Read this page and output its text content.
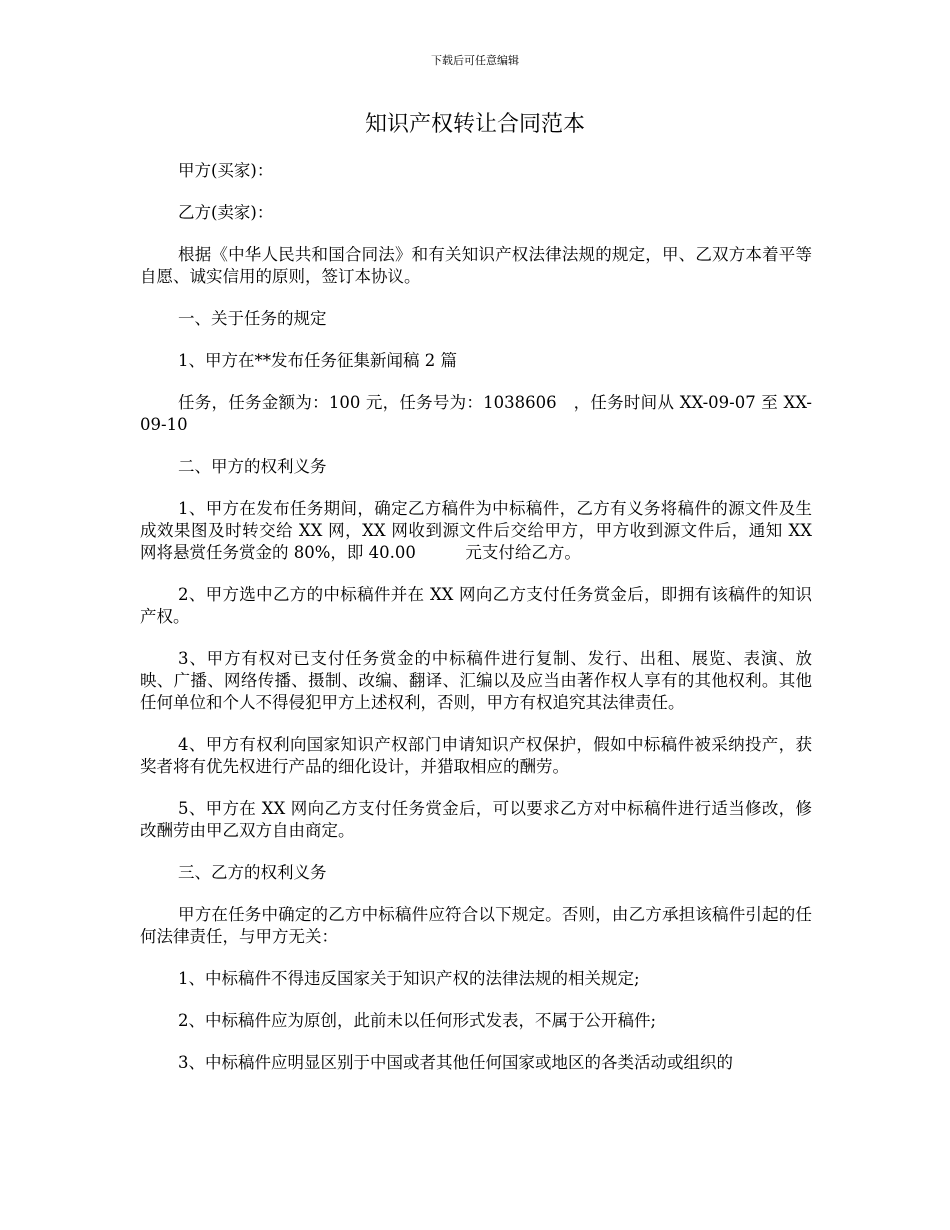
下载后可任意编辑
知识产权转让合同范本

甲方(买家)：

乙方(卖家)：

根据《中华人民共和国合同法》和有关知识产权法律法规的规定，甲、乙双方本着平等自愿、诚实信用的原则，签订本协议。

一、关于任务的规定

1、甲方在**发布任务征集新闻稿 2 篇

任务，任务金额为：100 元，任务号为：1038606　，任务时间从 XX-09-07 至 XX-09-10

二、甲方的权利义务

1、甲方在发布任务期间，确定乙方稿件为中标稿件，乙方有义务将稿件的源文件及生成效果图及时转交给 XX 网，XX 网收到源文件后交给甲方，甲方收到源文件后，通知 XX 网将悬赏任务赏金的 80%，即 40.00　　　元支付给乙方。

2、甲方选中乙方的中标稿件并在 XX 网向乙方支付任务赏金后，即拥有该稿件的知识产权。

3、甲方有权对已支付任务赏金的中标稿件进行复制、发行、出租、展览、表演、放映、广播、网络传播、摄制、改编、翻译、汇编以及应当由著作权人享有的其他权利。其他任何单位和个人不得侵犯甲方上述权利，否则，甲方有权追究其法律责任。

4、甲方有权利向国家知识产权部门申请知识产权保护，假如中标稿件被采纳投产，获奖者将有优先权进行产品的细化设计，并猎取相应的酬劳。

5、甲方在 XX 网向乙方支付任务赏金后，可以要求乙方对中标稿件进行适当修改，修改酬劳由甲乙双方自由商定。

三、乙方的权利义务

甲方在任务中确定的乙方中标稿件应符合以下规定。否则，由乙方承担该稿件引起的任何法律责任，与甲方无关：

1、中标稿件不得违反国家关于知识产权的法律法规的相关规定;

2、中标稿件应为原创，此前未以任何形式发表，不属于公开稿件;

3、中标稿件应明显区别于中国或者其他任何国家或地区的各类活动或组织的
